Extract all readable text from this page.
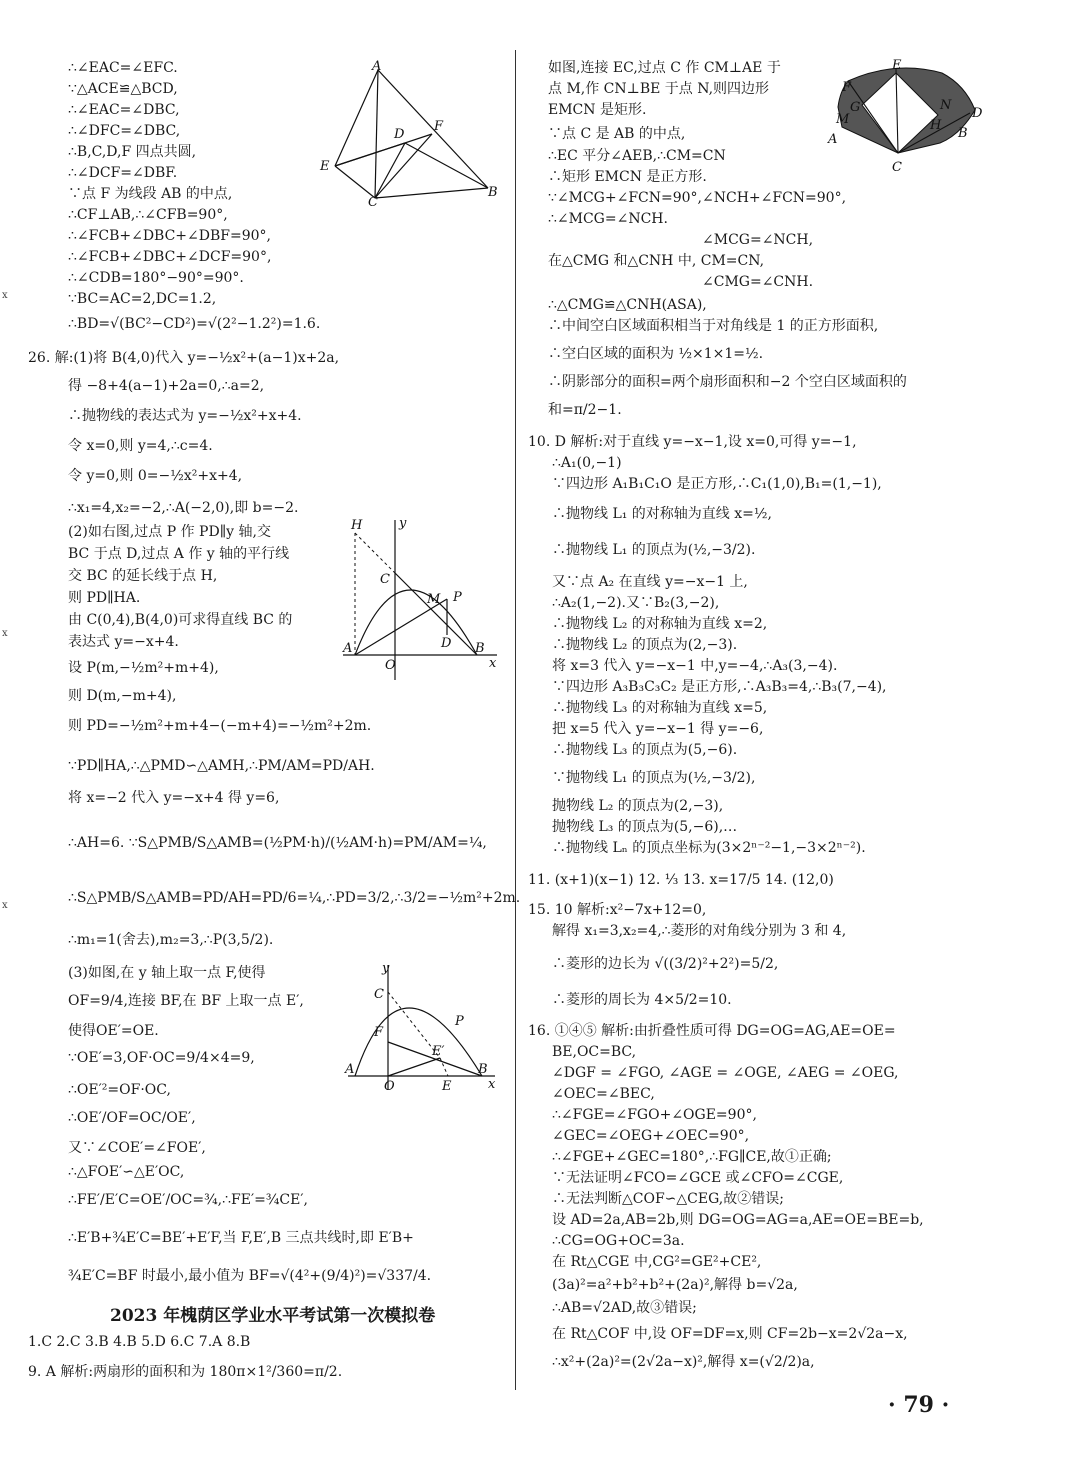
x
x
x
∴∠EAC=∠EFC.
∵△ACE≌△BCD,
∴∠EAC=∠DBC,
∴∠DFC=∠DBC,
∴B,C,D,F 四点共圆,
∴∠DCF=∠DBF.
∵点 F 为线段 AB 的中点,
∴CF⊥AB,∴∠CFB=90°,
∴∠FCB+∠DBC+∠DBF=90°,
∴∠FCB+∠DBC+∠DCF=90°,
∴∠CDB=180°−90°=90°.
∵BC=AC=2,DC=1.2,
∴BD=√(BC²−CD²)=√(2²−1.2²)=1.6.
26. 解:(1)将 B(4,0)代入 y=−½x²+(a−1)x+2a,
得 −8+4(a−1)+2a=0,∴a=2,
∴抛物线的表达式为 y=−½x²+x+4.
令 x=0,则 y=4,∴c=4.
令 y=0,则 0=−½x²+x+4,
∴x₁=4,x₂=−2,∴A(−2,0),即 b=−2.
(2)如右图,过点 P 作 PD∥y 轴,交
BC 于点 D,过点 A 作 y 轴的平行线
交 BC 的延长线于点 H,
则 PD∥HA.
由 C(0,4),B(4,0)可求得直线 BC 的
表达式 y=−x+4.
设 P(m,−½m²+m+4),
则 D(m,−m+4),
则 PD=−½m²+m+4−(−m+4)=−½m²+2m.
∵PD∥HA,∴△PMD∽△AMH,∴PM/AM=PD/AH.
将 x=−2 代入 y=−x+4 得 y=6,
∴AH=6. ∵S△PMB/S△AMB=(½PM·h)/(½AM·h)=PM/AM=¼,
∴S△PMB/S△AMB=PD/AH=PD/6=¼,∴PD=3/2,∴3/2=−½m²+2m.
∴m₁=1(舍去),m₂=3,∴P(3,5/2).
(3)如图,在 y 轴上取一点 F,使得
OF=9/4,连接 BF,在 BF 上取一点 E′,
使得OE′=OE.
∵OE′=3,OF·OC=9/4×4=9,
∴OE′²=OF·OC,
∴OE′/OF=OC/OE′,
又∵∠COE′=∠FOE′,
∴△FOE′∽△E′OC,
∴FE′/E′C=OE′/OC=¾,∴FE′=¾CE′,
∴E′B+¾E′C=BE′+E′F,当 F,E′,B 三点共线时,即 E′B+
¾E′C=BF 时最小,最小值为 BF=√(4²+(9/4)²)=√337/4.
1.C 2.C 3.B 4.B 5.D 6.C 7.A 8.B
9. A 解析:两扇形的面积和为 180π×1²/360=π/2.
如图,连接 EC,过点 C 作 CM⊥AE 于
点 M,作 CN⊥BE 于点 N,则四边形
EMCN 是矩形.
∵点 C 是 AB 的中点,
∴EC 平分∠AEB,∴CM=CN
∴矩形 EMCN 是正方形.
∵∠MCG+∠FCN=90°,∠NCH+∠FCN=90°,
∴∠MCG=∠NCH.
∠MCG=∠NCH,
在△CMG 和△CNH 中, CM=CN,
∠CMG=∠CNH.
∴△CMG≌△CNH(ASA),
∴中间空白区域面积相当于对角线是 1 的正方形面积,
∴空白区域的面积为 ½×1×1=½.
∴阴影部分的面积=两个扇形面积和−2 个空白区域面积的
和=π/2−1.
10. D 解析:对于直线 y=−x−1,设 x=0,可得 y=−1,
∴A₁(0,−1)
∵四边形 A₁B₁C₁O 是正方形,∴C₁(1,0),B₁=(1,−1),
∴抛物线 L₁ 的对称轴为直线 x=½,
∴抛物线 L₁ 的顶点为(½,−3/2).
又∵点 A₂ 在直线 y=−x−1 上,
∴A₂(1,−2).又∵B₂(3,−2),
∴抛物线 L₂ 的对称轴为直线 x=2,
∴抛物线 L₂ 的顶点为(2,−3).
将 x=3 代入 y=−x−1 中,y=−4,∴A₃(3,−4).
∵四边形 A₃B₃C₃C₂ 是正方形,∴A₃B₃=4,∴B₃(7,−4),
∴抛物线 L₃ 的对称轴为直线 x=5,
把 x=5 代入 y=−x−1 得 y=−6,
∴抛物线 L₃ 的顶点为(5,−6).
∵抛物线 L₁ 的顶点为(½,−3/2),
抛物线 L₂ 的顶点为(2,−3),
抛物线 L₃ 的顶点为(5,−6),…
∴抛物线 Lₙ 的顶点坐标为(3×2ⁿ⁻²−1,−3×2ⁿ⁻²).
11. (x+1)(x−1) 12. ⅓ 13. x=17/5 14. (12,0)
15. 10 解析:x²−7x+12=0,
解得 x₁=3,x₂=4,∴菱形的对角线分别为 3 和 4,
∴菱形的边长为 √((3/2)²+2²)=5/2,
∴菱形的周长为 4×5/2=10.
16. ①④⑤ 解析:由折叠性质可得 DG=OG=AG,AE=OE=
BE,OC=BC,
∠DGF = ∠FGO, ∠AGE = ∠OGE, ∠AEG = ∠OEG,
∠OEC=∠BEC,
∴∠FGE=∠FGO+∠OGE=90°,
∠GEC=∠OEG+∠OEC=90°,
∴∠FGE+∠GEC=180°,∴FG∥CE,故①正确;
∵无法证明∠FCO=∠GCE 或∠CFO=∠CGE,
∴无法判断△COF∽△CEG,故②错误;
设 AD=2a,AB=2b,则 DG=OG=AG=a,AE=OE=BE=b,
∴CG=OG+OC=3a.
在 Rt△CGE 中,CG²=GE²+CE²,
(3a)²=a²+b²+b²+(2a)²,解得 b=√2a,
∴AB=√2AD,故③错误;
在 Rt△COF 中,设 OF=DF=x,则 CF=2b−x=2√2a−x,
∴x²+(2a)²=(2√2a−x)²,解得 x=(√2/2)a,
2023 年槐荫区学业水平考试第一次模拟卷
A
E
D
F
C
B
H	y
C
M P
A
O
D B
x
y
C
P
F
E′
A
O	E
B
x
E
F
G
M
A
N
H
D
B
C
· 79 ·
